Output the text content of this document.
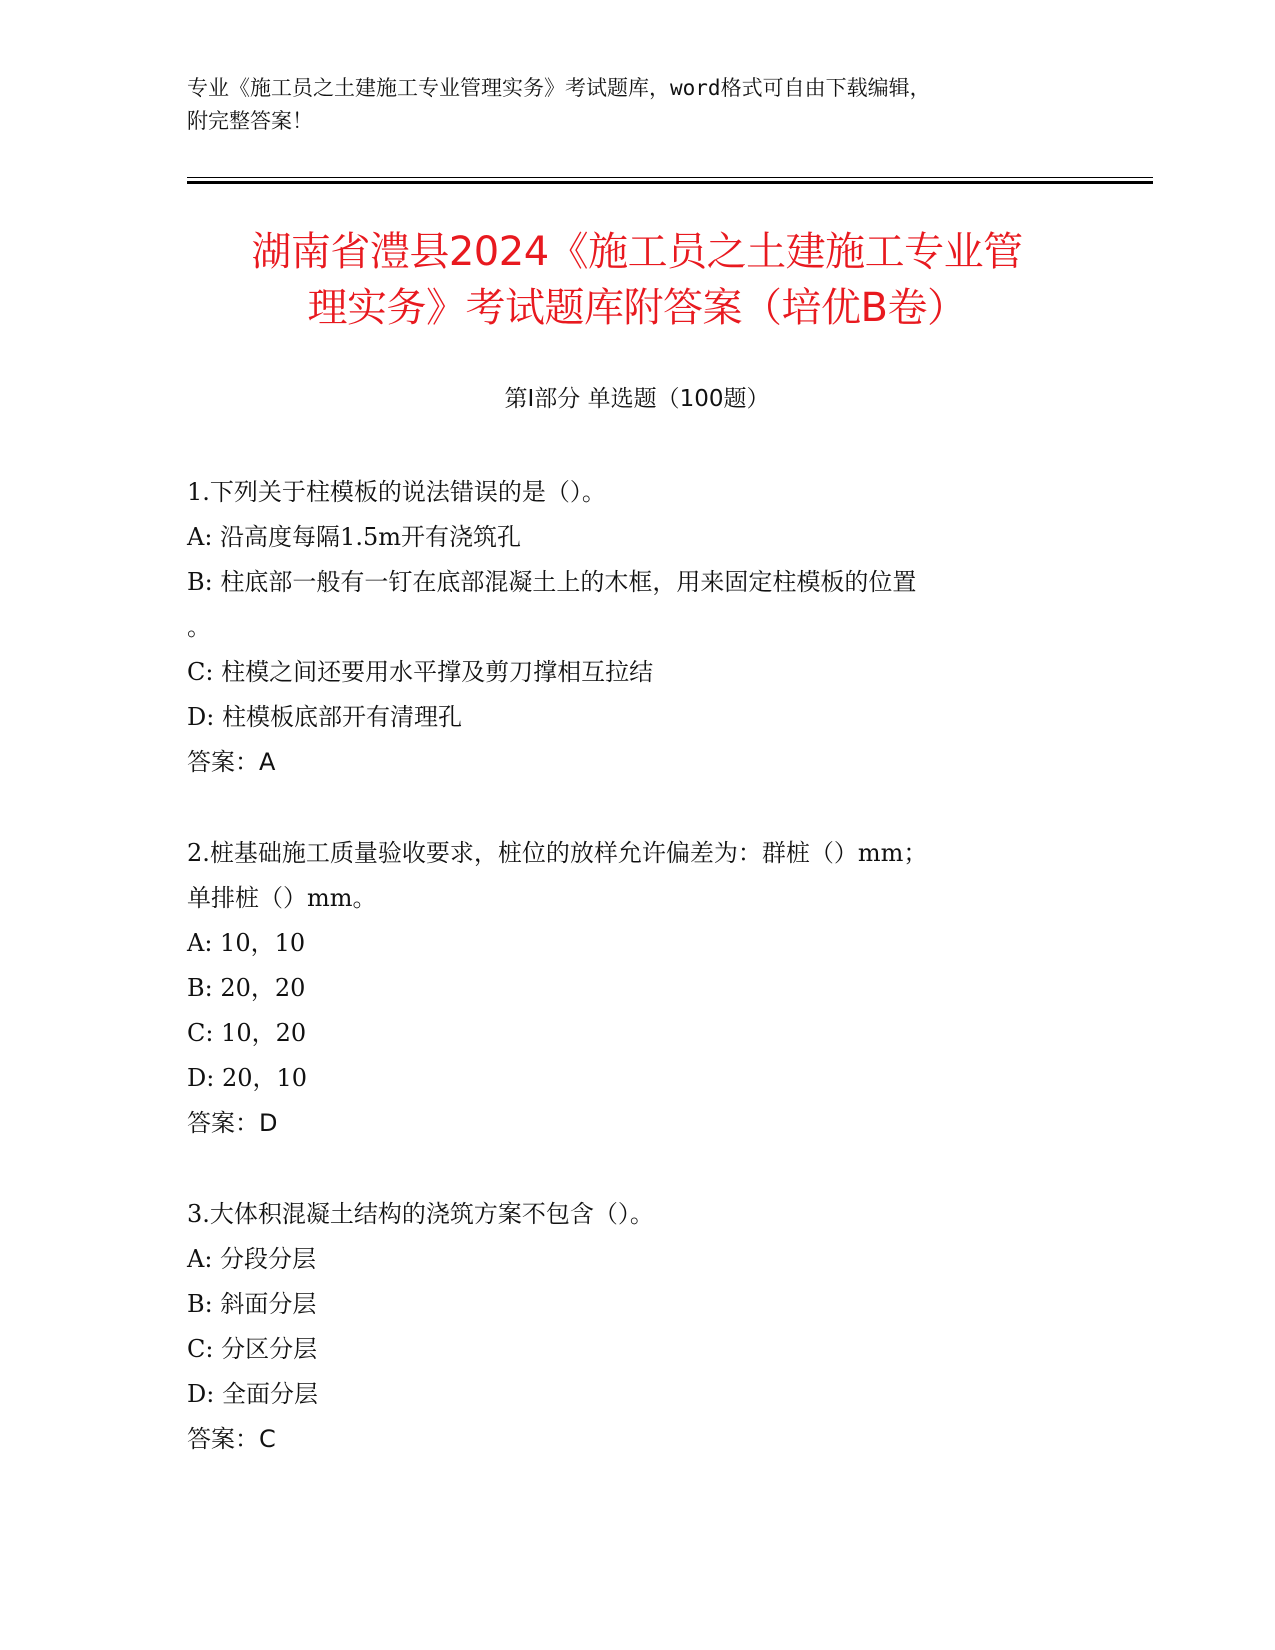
专业《施工员之土建施工专业管理实务》考试题库，word格式可自由下载编辑，
附完整答案！
湖南省澧县2024《施工员之土建施工专业管
理实务》考试题库附答案（培优B卷）
第Ⅰ部分 单选题（100题）
1.下列关于柱模板的说法错误的是（）。
A: 沿高度每隔1.5m开有浇筑孔
B: 柱底部一般有一钉在底部混凝土上的木框，用来固定柱模板的位置
。
C: 柱模之间还要用水平撑及剪刀撑相互拉结
D: 柱模板底部开有清理孔
答案：A
2.桩基础施工质量验收要求，桩位的放样允许偏差为：群桩（）mm；
单排桩（）mm。
A: 10，10
B: 20，20
C: 10，20
D: 20，10
答案：D
3.大体积混凝土结构的浇筑方案不包含（）。
A: 分段分层
B: 斜面分层
C: 分区分层
D: 全面分层
答案：C
